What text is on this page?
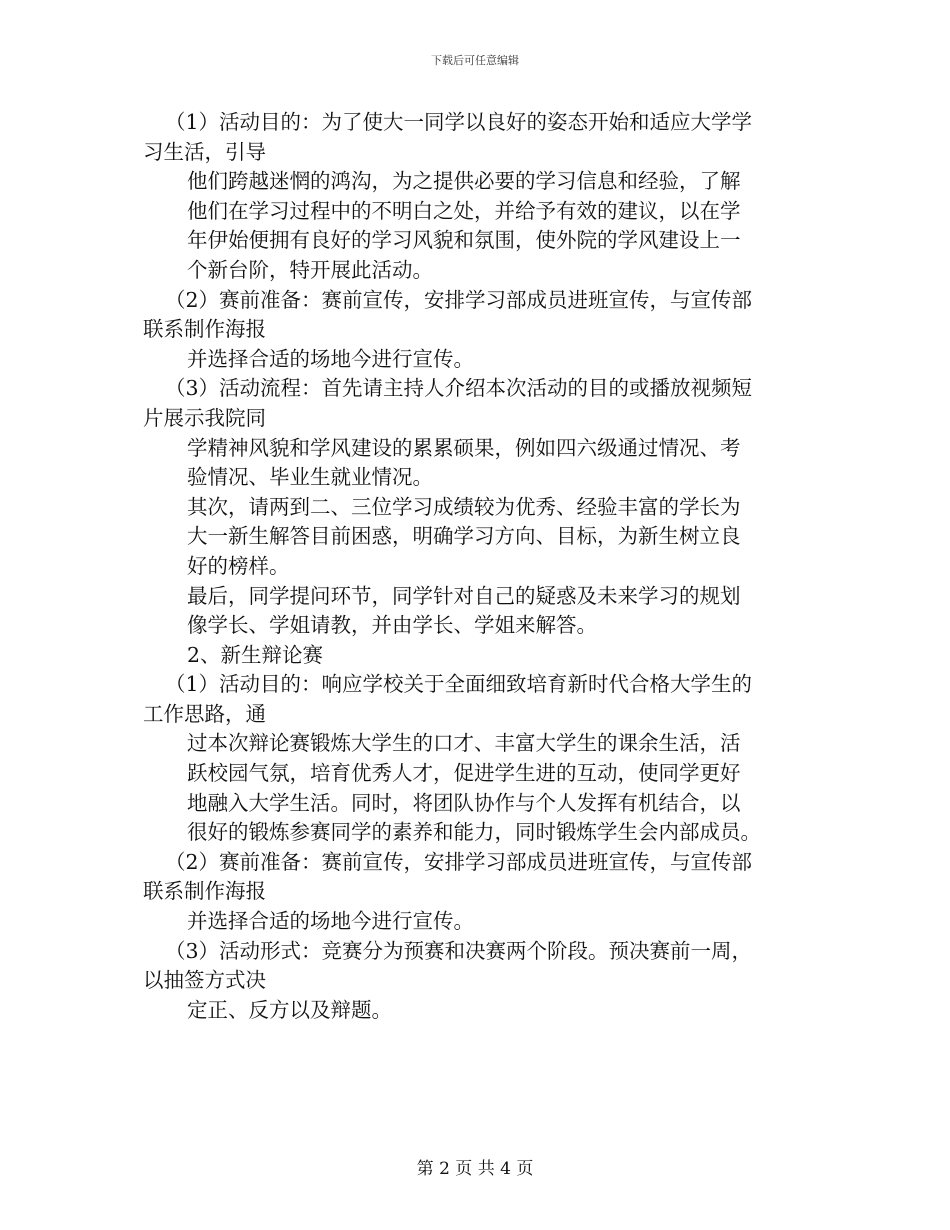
下载后可任意编辑
（1）活动目的：为了使大一同学以良好的姿态开始和适应大学学
习生活，引导
他们跨越迷惘的鸿沟，为之提供必要的学习信息和经验，了解
他们在学习过程中的不明白之处，并给予有效的建议，以在学
年伊始便拥有良好的学习风貌和氛围，使外院的学风建设上一
个新台阶，特开展此活动。
（2）赛前准备：赛前宣传，安排学习部成员进班宣传，与宣传部
联系制作海报
并选择合适的场地今进行宣传。
（3）活动流程：首先请主持人介绍本次活动的目的或播放视频短
片展示我院同
学精神风貌和学风建设的累累硕果，例如四六级通过情况、考
验情况、毕业生就业情况。
其次，请两到二、三位学习成绩较为优秀、经验丰富的学长为
大一新生解答目前困惑，明确学习方向、目标，为新生树立良
好的榜样。
最后，同学提问环节，同学针对自己的疑惑及未来学习的规划
像学长、学姐请教，并由学长、学姐来解答。
2、新生辩论赛
（1）活动目的：响应学校关于全面细致培育新时代合格大学生的
工作思路，通
过本次辩论赛锻炼大学生的口才、丰富大学生的课余生活，活
跃校园气氛，培育优秀人才，促进学生进的互动，使同学更好
地融入大学生活。同时，将团队协作与个人发挥有机结合，以
很好的锻炼参赛同学的素养和能力，同时锻炼学生会内部成员。
（2）赛前准备：赛前宣传，安排学习部成员进班宣传，与宣传部
联系制作海报
并选择合适的场地今进行宣传。
（3）活动形式：竞赛分为预赛和决赛两个阶段。预决赛前一周，
以抽签方式决
定正、反方以及辩题。
第 2 页 共 4 页
